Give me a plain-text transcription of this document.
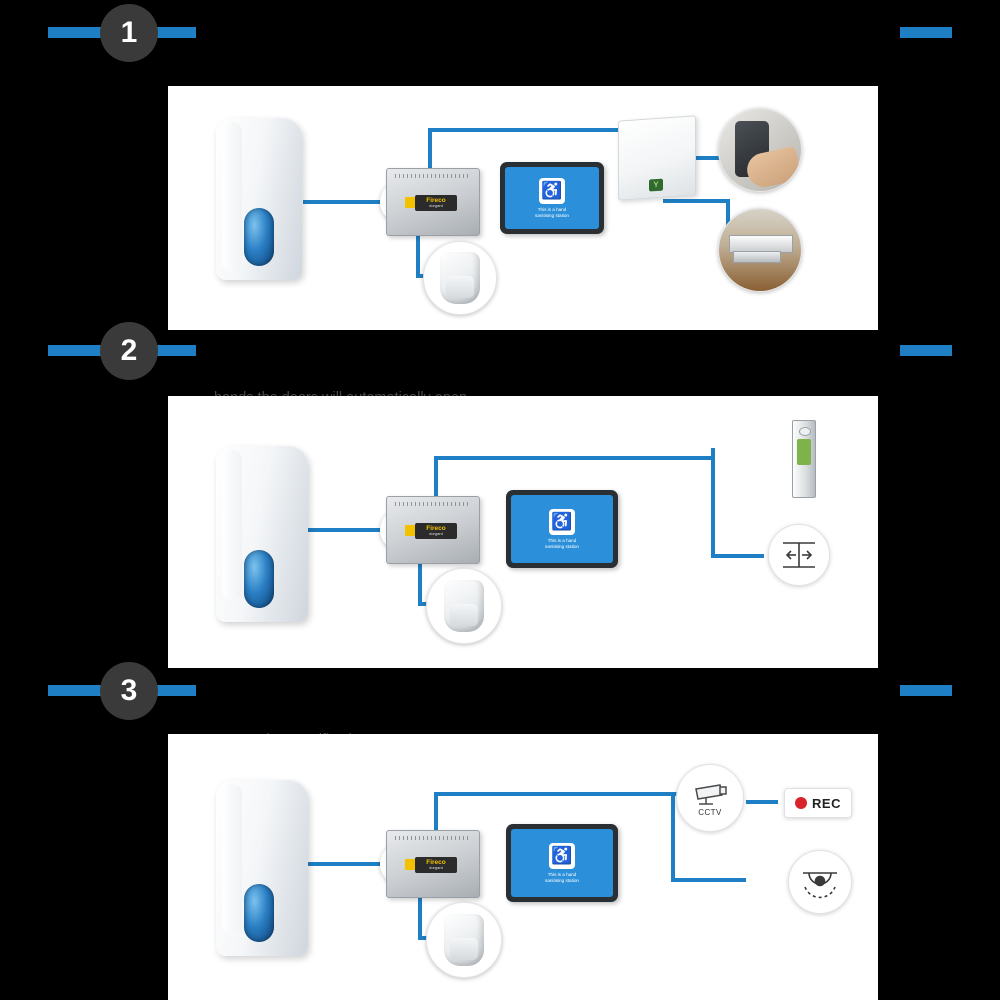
1
Fireco
dorgard
♿
This is a hand
sanitising station
Y
2
Fireco
dorgard
♿
This is a hand
sanitising station
3
Fireco
dorgard
♿
This is a hand
sanitising station
CCTV
REC
